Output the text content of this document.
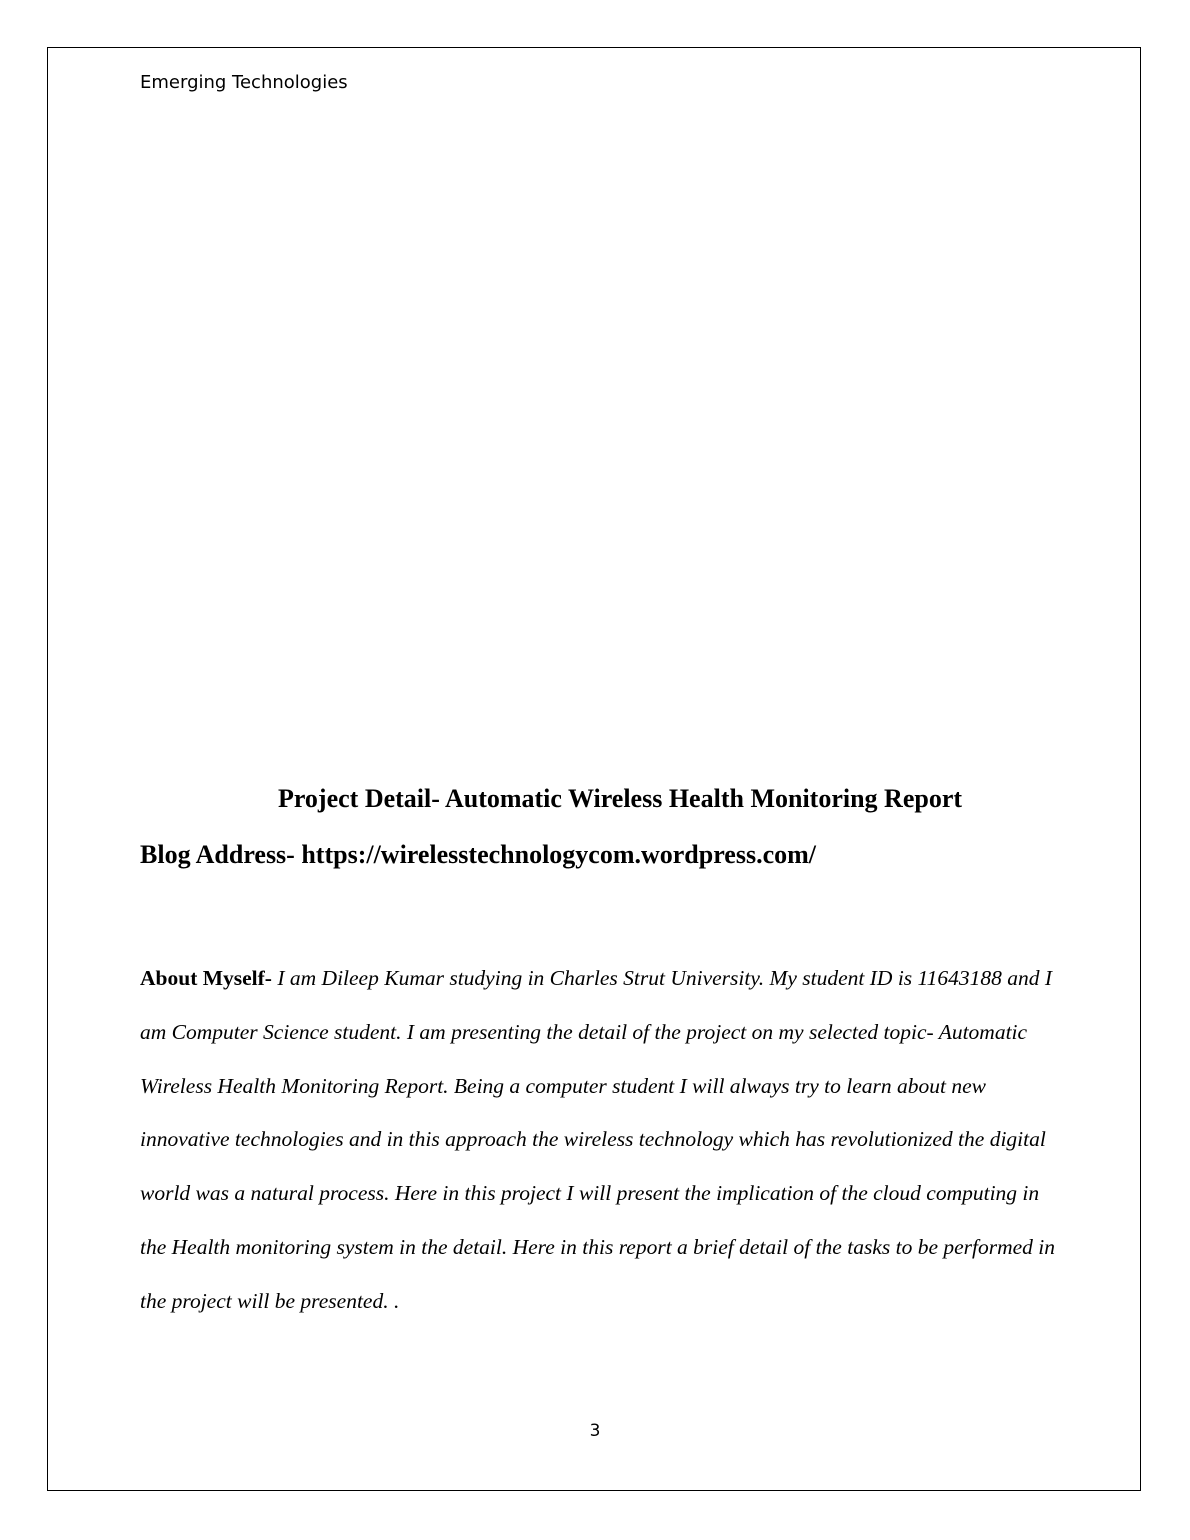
Emerging Technologies
Project Detail- Automatic Wireless Health Monitoring Report
Blog Address- https://wirelesstechnologycom.wordpress.com/
About Myself- I am Dileep Kumar studying in Charles Strut University. My student ID is 11643188 and I am Computer Science student. I am presenting the detail of the project on my selected topic- Automatic Wireless Health Monitoring Report. Being a computer student I will always try to learn about new innovative technologies and in this approach the wireless technology which has revolutionized the digital world was a natural process. Here in this project I will present the implication of the cloud computing in the Health monitoring system in the detail. Here in this report a brief detail of the tasks to be performed in the project will be presented. .
3
